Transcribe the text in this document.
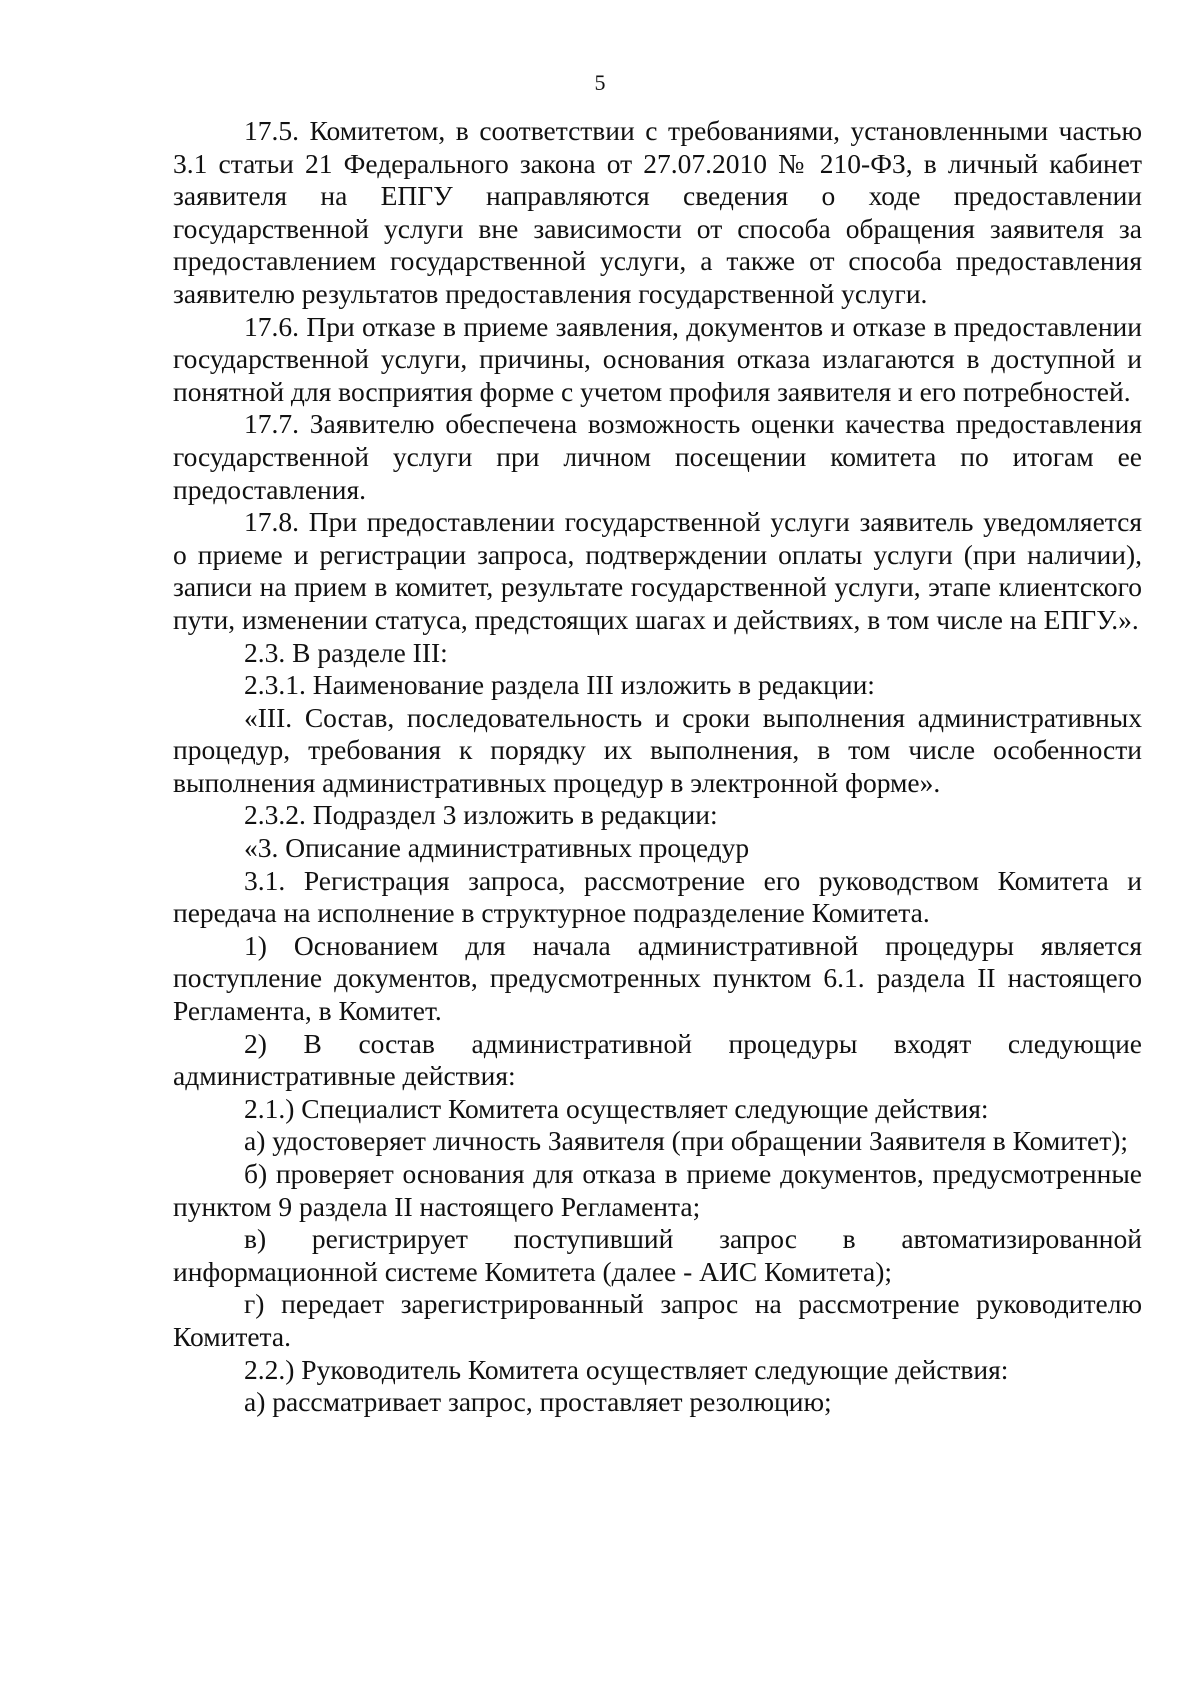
5

17.5. Комитетом, в соответствии с требованиями, установленными частью 3.1 статьи 21 Федерального закона от 27.07.2010 № 210-ФЗ, в личный кабинет заявителя на ЕПГУ направляются сведения о ходе предоставлении государственной услуги вне зависимости от способа обращения заявителя за предоставлением государственной услуги, а также от способа предоставления заявителю результатов предоставления государственной услуги.

17.6. При отказе в приеме заявления, документов и отказе в предоставлении государственной услуги, причины, основания отказа излагаются в доступной и понятной для восприятия форме с учетом профиля заявителя и его потребностей.

17.7. Заявителю обеспечена возможность оценки качества предоставления государственной услуги при личном посещении комитета по итогам ее предоставления.

17.8. При предоставлении государственной услуги заявитель уведомляется о приеме и регистрации запроса, подтверждении оплаты услуги (при наличии), записи на прием в комитет, результате государственной услуги, этапе клиентского пути, изменении статуса, предстоящих шагах и действиях, в том числе на ЕПГУ.».

2.3. В разделе III:

2.3.1. Наименование раздела III изложить в редакции:

«III. Состав, последовательность и сроки выполнения административных процедур, требования к порядку их выполнения, в том числе особенности выполнения административных процедур в электронной форме».

2.3.2. Подраздел 3 изложить в редакции:

«3. Описание административных процедур

3.1. Регистрация запроса, рассмотрение его руководством Комитета и передача на исполнение в структурное подразделение Комитета.

1) Основанием для начала административной процедуры является поступление документов, предусмотренных пунктом 6.1. раздела II настоящего Регламента, в Комитет.

2) В состав административной процедуры входят следующие административные действия:

2.1.) Специалист Комитета осуществляет следующие действия:

а) удостоверяет личность Заявителя (при обращении Заявителя в Комитет);

б) проверяет основания для отказа в приеме документов, предусмотренные пунктом 9 раздела II настоящего Регламента;

в) регистрирует поступивший запрос в автоматизированной информационной системе Комитета (далее - АИС Комитета);

г) передает зарегистрированный запрос на рассмотрение руководителю Комитета.

2.2.) Руководитель Комитета осуществляет следующие действия:

а) рассматривает запрос, проставляет резолюцию;
